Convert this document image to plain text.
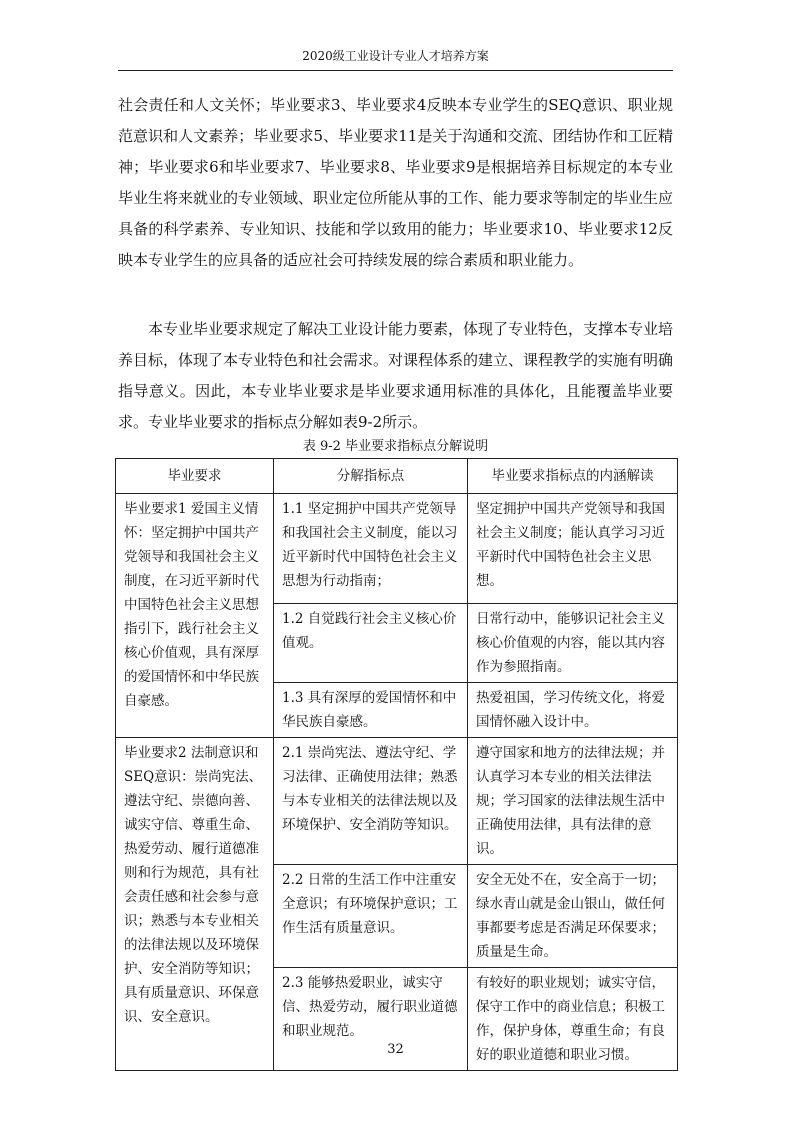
2020级工业设计专业人才培养方案

社会责任和人文关怀；毕业要求3、毕业要求4反映本专业学生的SEQ意识、职业规范意识和人文素养；毕业要求5、毕业要求11是关于沟通和交流、团结协作和工匠精神；毕业要求6和毕业要求7、毕业要求8、毕业要求9是根据培养目标规定的本专业毕业生将来就业的专业领域、职业定位所能从事的工作、能力要求等制定的毕业生应具备的科学素养、专业知识、技能和学以致用的能力；毕业要求10、毕业要求12反映本专业学生的应具备的适应社会可持续发展的综合素质和职业能力。

本专业毕业要求规定了解决工业设计能力要素，体现了专业特色，支撑本专业培养目标，体现了本专业特色和社会需求。对课程体系的建立、课程教学的实施有明确指导意义。因此，本专业毕业要求是毕业要求通用标准的具体化，且能覆盖毕业要求。专业毕业要求的指标点分解如表9-2所示。

表 9-2 毕业要求指标点分解说明
毕业要求	分解指标点	毕业要求指标点的内涵解读
毕业要求1 爱国主义情怀：坚定拥护中国共产党领导和我国社会主义制度，在习近平新时代中国特色社会主义思想指引下，践行社会主义核心价值观，具有深厚的爱国情怀和中华民族自豪感。	1.1 坚定拥护中国共产党领导和我国社会主义制度，能以习近平新时代中国特色社会主义思想为行动指南；	坚定拥护中国共产党领导和我国社会主义制度；能认真学习习近平新时代中国特色社会主义思想。
	1.2 自觉践行社会主义核心价值观。	日常行动中，能够识记社会主义核心价值观的内容，能以其内容作为参照指南。
	1.3 具有深厚的爱国情怀和中华民族自豪感。	热爱祖国，学习传统文化，将爱国情怀融入设计中。
毕业要求2 法制意识和SEQ意识：崇尚宪法、遵法守纪、崇德向善、诚实守信、尊重生命、热爱劳动、履行道德准则和行为规范，具有社会责任感和社会参与意识；熟悉与本专业相关的法律法规以及环境保护、安全消防等知识；具有质量意识、环保意识、安全意识。	2.1 崇尚宪法、遵法守纪、学习法律、正确使用法律；熟悉与本专业相关的法律法规以及环境保护、安全消防等知识。	遵守国家和地方的法律法规；并认真学习本专业的相关法律法规；学习国家的法律法规生活中正确使用法律，具有法律的意识。
	2.2 日常的生活工作中注重安全意识；有环境保护意识；工作生活有质量意识。	安全无处不在，安全高于一切；绿水青山就是金山银山，做任何事都要考虑是否满足环保要求；质量是生命。
	2.3 能够热爱职业，诚实守信、热爱劳动，履行职业道德和职业规范。	有较好的职业规划；诚实守信，保守工作中的商业信息；积极工作，保护身体，尊重生命；有良好的职业道德和职业习惯。
32
